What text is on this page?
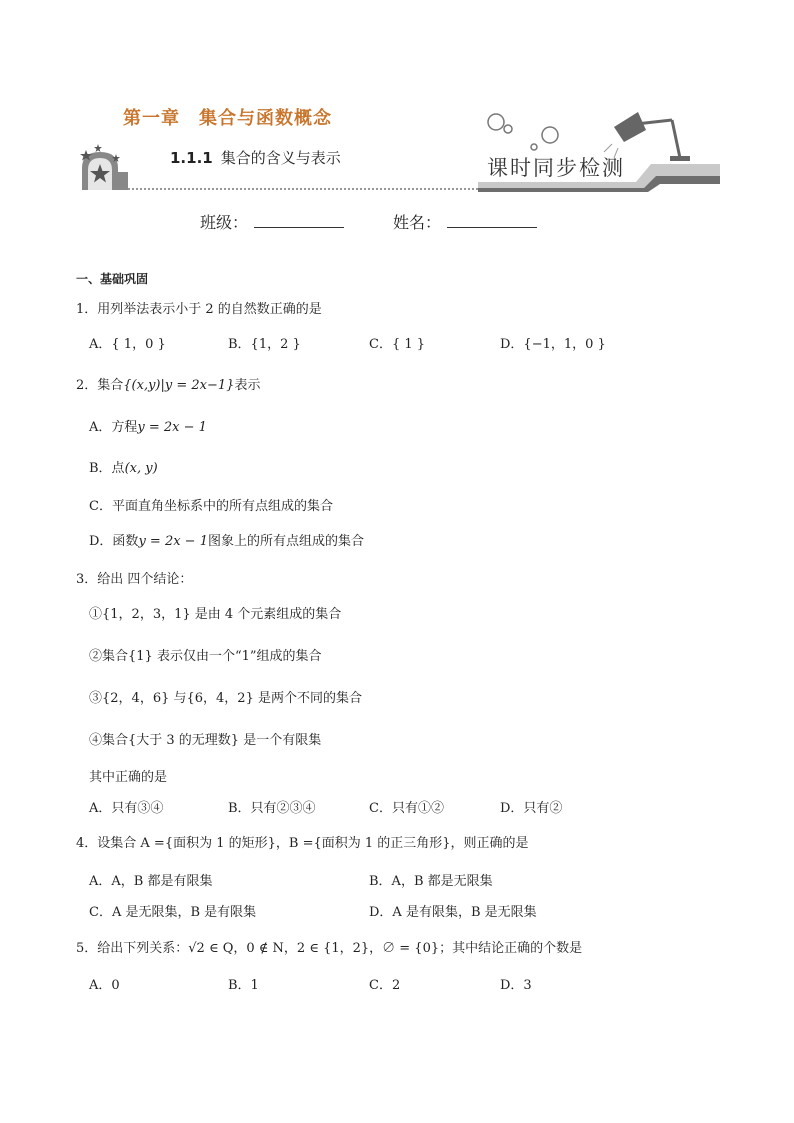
第一章　集合与函数概念
1.1.1 集合的含义与表示	课时同步检测
班级：	姓名：
一、基础巩固
1．用列举法表示小于 2 的自然数正确的是
A．{ 1，0 }	B．{1，2 }	C．{ 1 }	D．{−1，1，0 }
2．集合{(x,y)|y = 2x−1}表示
A．方程y = 2x − 1
B．点(x, y)
C．平面直角坐标系中的所有点组成的集合
D．函数y = 2x − 1图象上的所有点组成的集合
3．给出 四个结论：
①{1，2，3，1} 是由 4 个元素组成的集合
②集合{1} 表示仅由一个“1”组成的集合
③{2，4，6} 与{6，4，2} 是两个不同的集合
④集合{大于 3 的无理数} 是一个有限集
其中正确的是
A．只有③④	B．只有②③④	C．只有①②	D．只有②
4．设集合 A ={面积为 1 的矩形}，B ={面积为 1 的正三角形}，则正确的是
A．A，B 都是有限集	B．A，B 都是无限集
C．A 是无限集，B 是有限集	D．A 是有限集，B 是无限集
5．给出下列关系：√2 ∈ Q，0 ∉ N，2 ∈ {1，2}，∅ = {0}；其中结论正确的个数是
A．0	B．1	C．2	D．3
